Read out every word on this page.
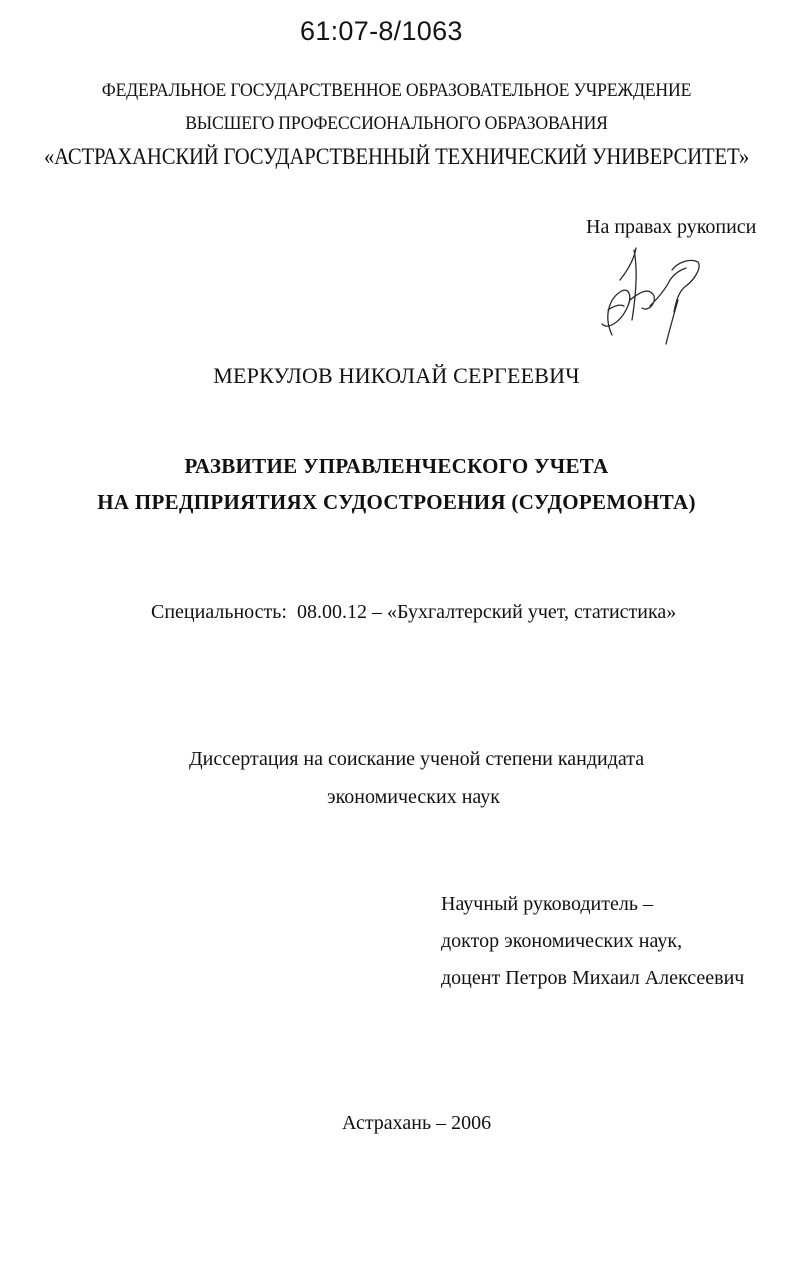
61:07-8/1063
ФЕДЕРАЛЬНОЕ ГОСУДАРСТВЕННОЕ ОБРАЗОВАТЕЛЬНОЕ УЧРЕЖДЕНИЕ
ВЫСШЕГО ПРОФЕССИОНАЛЬНОГО ОБРАЗОВАНИЯ
«АСТРАХАНСКИЙ ГОСУДАРСТВЕННЫЙ ТЕХНИЧЕСКИЙ УНИВЕРСИТЕТ»
На правах рукописи
МЕРКУЛОВ НИКОЛАЙ СЕРГЕЕВИЧ
РАЗВИТИЕ УПРАВЛЕНЧЕСКОГО УЧЕТА
НА ПРЕДПРИЯТИЯХ СУДОСТРОЕНИЯ (СУДОРЕМОНТА)
Специальность: 08.00.12 – «Бухгалтерский учет, статистика»
Диссертация на соискание ученой степени кандидата
экономических наук
Научный руководитель –
доктор экономических наук,
доцент Петров Михаил Алексеевич
Астрахань – 2006
